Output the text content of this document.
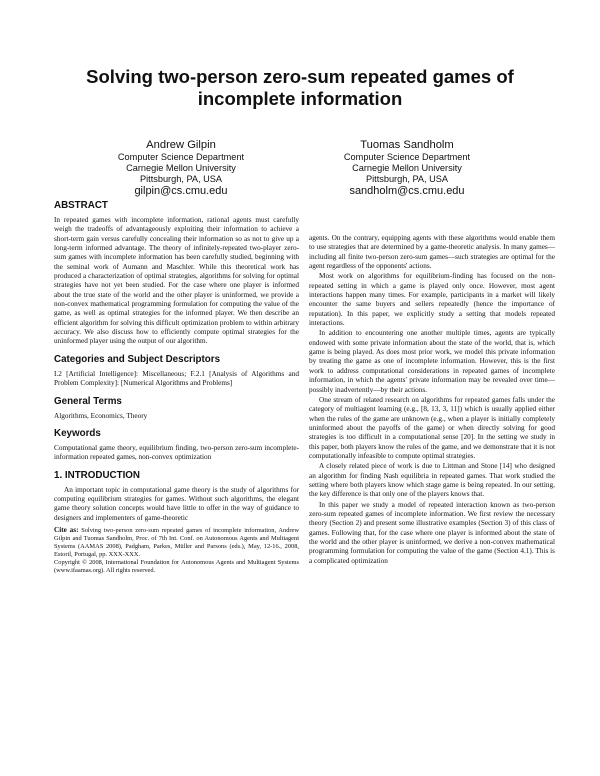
Solving two-person zero-sum repeated games of incomplete information
Andrew Gilpin
Computer Science Department
Carnegie Mellon University
Pittsburgh, PA, USA
gilpin@cs.cmu.edu
Tuomas Sandholm
Computer Science Department
Carnegie Mellon University
Pittsburgh, PA, USA
sandholm@cs.cmu.edu
ABSTRACT

In repeated games with incomplete information, rational agents must carefully weigh the tradeoffs of advantageously exploiting their information to achieve a short-term gain versus carefully concealing their information so as not to give up a long-term informed advantage. The theory of infinitely-repeated two-player zero-sum games with incomplete information has been carefully studied, beginning with the seminal work of Aumann and Maschler. While this theoretical work has produced a characterization of optimal strategies, algorithms for solving for optimal strategies have not yet been studied. For the case where one player is informed about the true state of the world and the other player is uninformed, we provide a non-convex mathematical programming formulation for computing the value of the game, as well as optimal strategies for the informed player. We then describe an efficient algorithm for solving this difficult optimization problem to within arbitrary accuracy. We also discuss how to efficiently compute optimal strategies for the uninformed player using the output of our algorithm.

Categories and Subject Descriptors

I.2 [Artificial Intelligence]: Miscellaneous; F.2.1 [Analysis of Algorithms and Problem Complexity]: [Numerical Algorithms and Problems]

General Terms

Algorithms, Economics, Theory

Keywords

Computational game theory, equilibrium finding, two-person zero-sum incomplete-information repeated games, non-convex optimization

1. INTRODUCTION

An important topic in computational game theory is the study of algorithms for computing equilibrium strategies for games. Without such algorithms, the elegant game theory solution concepts would have little to offer in the way of guidance to designers and implementers of game-theoretic

Cite as: Solving two-person zero-sum repeated games of incomplete information, Andrew Gilpin and Tuomas Sandholm, Proc. of 7th Int. Conf. on Autonomous Agents and Multiagent Systems (AAMAS 2008), Padgham, Parkes, Müller and Parsons (eds.), May, 12-16., 2008, Estoril, Portugal, pp. XXX-XXX.
Copyright © 2008, International Foundation for Autonomous Agents and Multiagent Systems (www.ifaamas.org). All rights reserved.

agents. On the contrary, equipping agents with these algorithms would enable them to use strategies that are determined by a game-theoretic analysis. In many games—including all finite two-person zero-sum games—such strategies are optimal for the agent regardless of the opponents' actions.

Most work on algorithms for equilibrium-finding has focused on the non-repeated setting in which a game is played only once. However, most agent interactions happen many times. For example, participants in a market will likely encounter the same buyers and sellers repeatedly (hence the importance of reputation). In this paper, we explicitly study a setting that models repeated interactions.

In addition to encountering one another multiple times, agents are typically endowed with some private information about the state of the world, that is, which game is being played. As does most prior work, we model this private information by treating the game as one of incomplete information. However, this is the first work to address computational considerations in repeated games of incomplete information, in which the agents' private information may be revealed over time—possibly inadvertently—by their actions.

One stream of related research on algorithms for repeated games falls under the category of multiagent learning (e.g., [8, 13, 3, 11]) which is usually applied either when the rules of the game are unknown (e.g., when a player is initially completely uninformed about the payoffs of the game) or when directly solving for good strategies is too difficult in a computational sense [20]. In the setting we study in this paper, both players know the rules of the game, and we demonstrate that it is not computationally infeasible to compute optimal strategies.

A closely related piece of work is due to Littman and Stone [14] who designed an algorithm for finding Nash equilibria in repeated games. That work studied the setting where both players know which stage game is being repeated. In our setting, the key difference is that only one of the players knows that.

In this paper we study a model of repeated interaction known as two-person zero-sum repeated games of incomplete information. We first review the necessary theory (Section 2) and present some illustrative examples (Section 3) of this class of games. Following that, for the case where one player is informed about the state of the world and the other player is uninformed, we derive a non-convex mathematical programming formulation for computing the value of the game (Section 4.1). This is a complicated optimization
